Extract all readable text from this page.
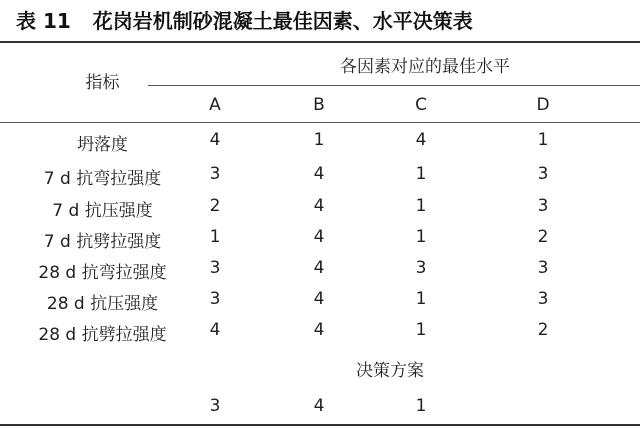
表 11 花岗岩机制砂混凝土最佳因素、水平决策表
指标
各因素对应的最佳水平
A	B	C	D
坍落度	4	1	4	1
7 d 抗弯拉强度	3	4	1	3
7 d 抗压强度	2	4	1	3
7 d 抗劈拉强度	1	4	1	2
28 d 抗弯拉强度	3	4	3	3
28 d 抗压强度	3	4	1	3
28 d 抗劈拉强度	4	4	1	2
决策方案
3	4	1
